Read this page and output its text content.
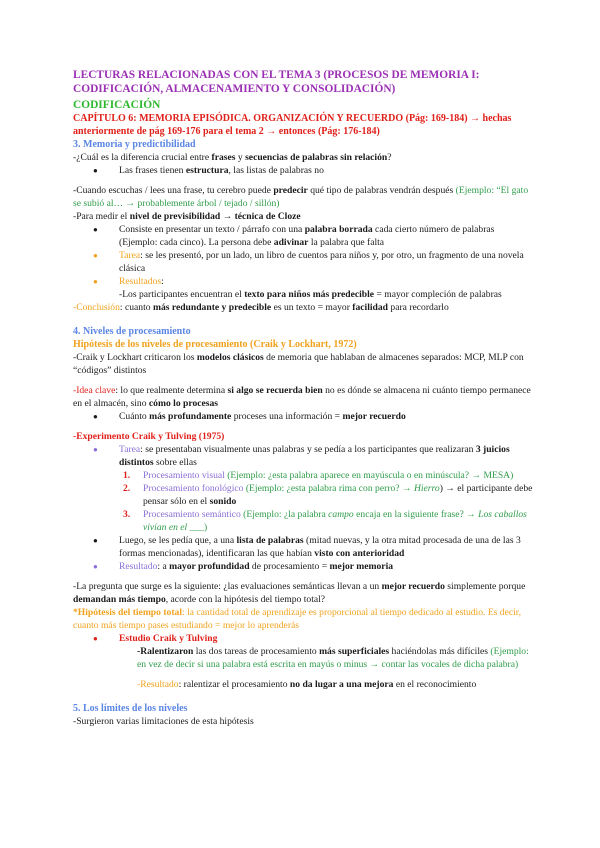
LECTURAS RELACIONADAS CON EL TEMA 3 (PROCESOS DE MEMORIA I: CODIFICACIÓN, ALMACENAMIENTO Y CONSOLIDACIÓN)
CODIFICACIÓN
CAPÍTULO 6: MEMORIA EPISÓDICA. ORGANIZACIÓN Y RECUERDO (Pág: 169-184) → hechas anteriormente de pág 169-176 para el tema 2 → entonces (Pág: 176-184)
3. Memoria y predictibilidad

-¿Cuál es la diferencia crucial entre frases y secuencias de palabras sin relación?

● Las frases tienen estructura, las listas de palabras no

-Cuando escuchas / lees una frase, tu cerebro puede predecir qué tipo de palabras vendrán después (Ejemplo: “El gato se subió al… → probablemente árbol / tejado / sillón)

-Para medir el nivel de previsibilidad → técnica de Cloze

● Consiste en presentar un texto / párrafo con una palabra borrada cada cierto número de palabras (Ejemplo: cada cinco). La persona debe adivinar la palabra que falta

● Tarea: se les presentó, por un lado, un libro de cuentos para niños y, por otro, un fragmento de una novela clásica

● Resultados:

-Los participantes encuentran el texto para niños más predecible = mayor compleción de palabras

-Conclusión: cuanto más redundante y predecible es un texto = mayor facilidad para recordarlo

4. Niveles de procesamiento
Hipótesis de los niveles de procesamiento (Craik y Lockhart, 1972)

-Craik y Lockhart criticaron los modelos clásicos de memoria que hablaban de almacenes separados: MCP, MLP con “códigos” distintos

-Idea clave: lo que realmente determina si algo se recuerda bien no es dónde se almacena ni cuánto tiempo permanece en el almacén, sino cómo lo procesas

● Cuánto más profundamente proceses una información = mejor recuerdo

-Experimento Craik y Tulving (1975)

● Tarea: se presentaban visualmente unas palabras y se pedía a los participantes que realizaran 3 juicios distintos sobre ellas

1. Procesamiento visual (Ejemplo: ¿esta palabra aparece en mayúscula o en minúscula? → MESA)

2. Procesamiento fonológico (Ejemplo: ¿esta palabra rima con perro? → Hierro) → el participante debe pensar sólo en el sonido

3. Procesamiento semántico (Ejemplo: ¿la palabra campo encaja en la siguiente frase? → Los caballos vivían en el ___)

● Luego, se les pedía que, a una lista de palabras (mitad nuevas, y la otra mitad procesada de una de las 3 formas mencionadas), identificaran las que habían visto con anterioridad

● Resultado: a mayor profundidad de procesamiento = mejor memoria

-La pregunta que surge es la siguiente: ¿las evaluaciones semánticas llevan a un mejor recuerdo simplemente porque demandan más tiempo, acorde con la hipótesis del tiempo total?

*Hipótesis del tiempo total: la cantidad total de aprendizaje es proporcional al tiempo dedicado al estudio. Es decir, cuanto más tiempo pases estudiando = mejor lo aprenderás

● Estudio Craik y Tulving

-Ralentizaron las dos tareas de procesamiento más superficiales haciéndolas más difíciles (Ejemplo: en vez de decir si una palabra está escrita en mayús o minus → contar las vocales de dicha palabra)

-Resultado: ralentizar el procesamiento no da lugar a una mejora en el reconocimiento

5. Los límites de los niveles

-Surgieron varias limitaciones de esta hipótesis
